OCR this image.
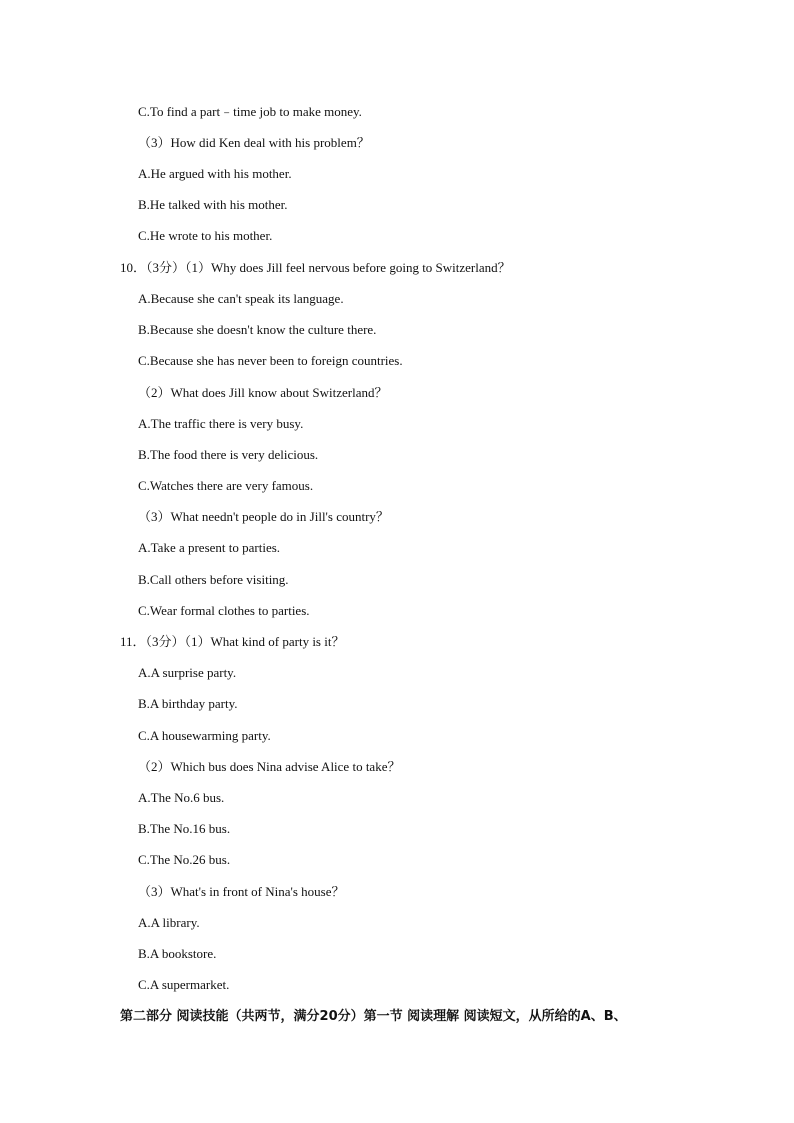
C.To find a part﹣time job to make money.
（3）How did Ken deal with his problem？
A.He argued with his mother.
B.He talked with his mother.
C.He wrote to his mother.
10．（3分）（1）Why does Jill feel nervous before going to Switzerland？
A.Because she can't speak its language.
B.Because she doesn't know the culture there.
C.Because she has never been to foreign countries.
（2）What does Jill know about Switzerland？
A.The traffic there is very busy.
B.The food there is very delicious.
C.Watches there are very famous.
（3）What needn't people do in Jill's country？
A.Take a present to parties.
B.Call others before visiting.
C.Wear formal clothes to parties.
11．（3分）（1）What kind of party is it？
A.A surprise party.
B.A birthday party.
C.A housewarming party.
（2）Which bus does Nina advise Alice to take？
A.The No.6 bus.
B.The No.16 bus.
C.The No.26 bus.
（3）What's in front of Nina's house？
A.A library.
B.A bookstore.
C.A supermarket.
第二部分 阅读技能（共两节，满分20分）第一节 阅读理解 阅读短文，从所给的A、B、
